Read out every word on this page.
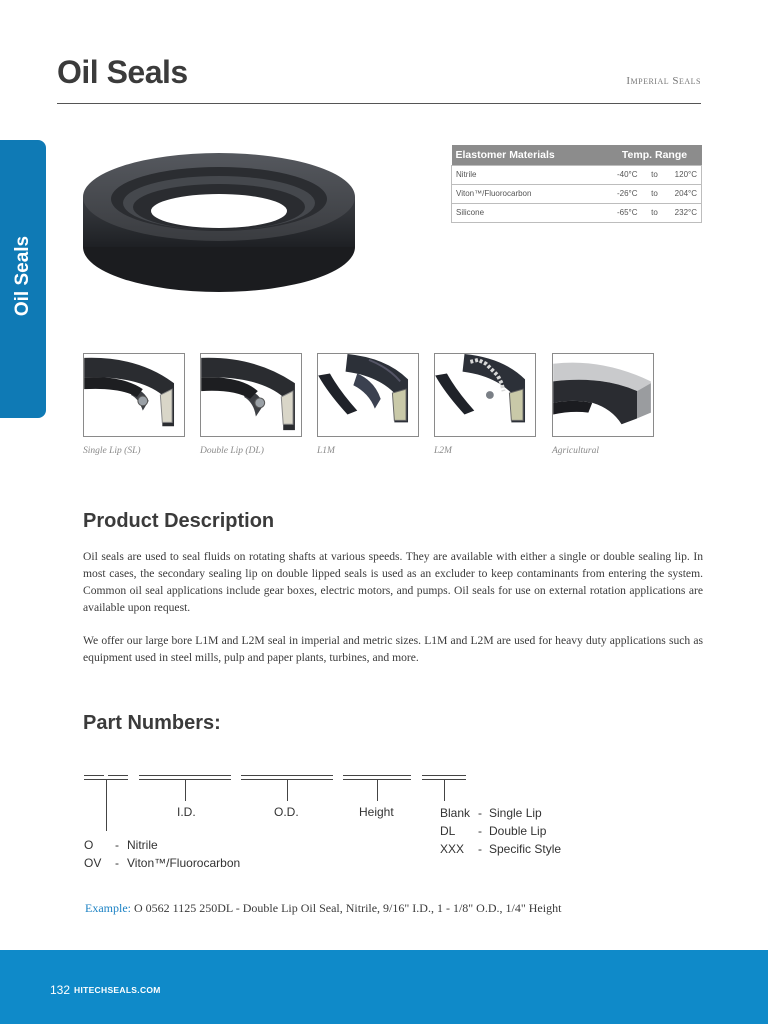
Oil Seals	Imperial Seals
Oil Seals
Elastomer Materials	Temp. Range		
Nitrile	-40°C	to	120°C
Viton™/Fluorocarbon	-26°C	to	204°C
Silicone	-65°C	to	232°C
Single Lip (SL)	Double Lip (DL)	L1M	L2M	Agricultural
Product Description

Oil seals are used to seal fluids on rotating shafts at various speeds. They are available with either a single or double sealing lip. In most cases, the secondary sealing lip on double lipped seals is used as an excluder to keep contaminants from entering the system. Common oil seal applications include gear boxes, electric motors, and pumps. Oil seals for use on external rotation applications are available upon request.

We offer our large bore L1M and L2M seal in imperial and metric sizes. L1M and L2M are used for heavy duty applications such as equipment used in steel mills, pulp and paper plants, turbines, and more.

Part Numbers:
I.D.	O.D.	Height	Blank - Single Lip
DL - Double Lip
XXX - Specific Style
O - Nitrile
OV - Viton™/Fluorocarbon
Example: O 0562 1125 250DL - Double Lip Oil Seal, Nitrile, 9/16" I.D., 1 - 1/8" O.D., 1/4" Height
132 HITECHSEALS.COM
